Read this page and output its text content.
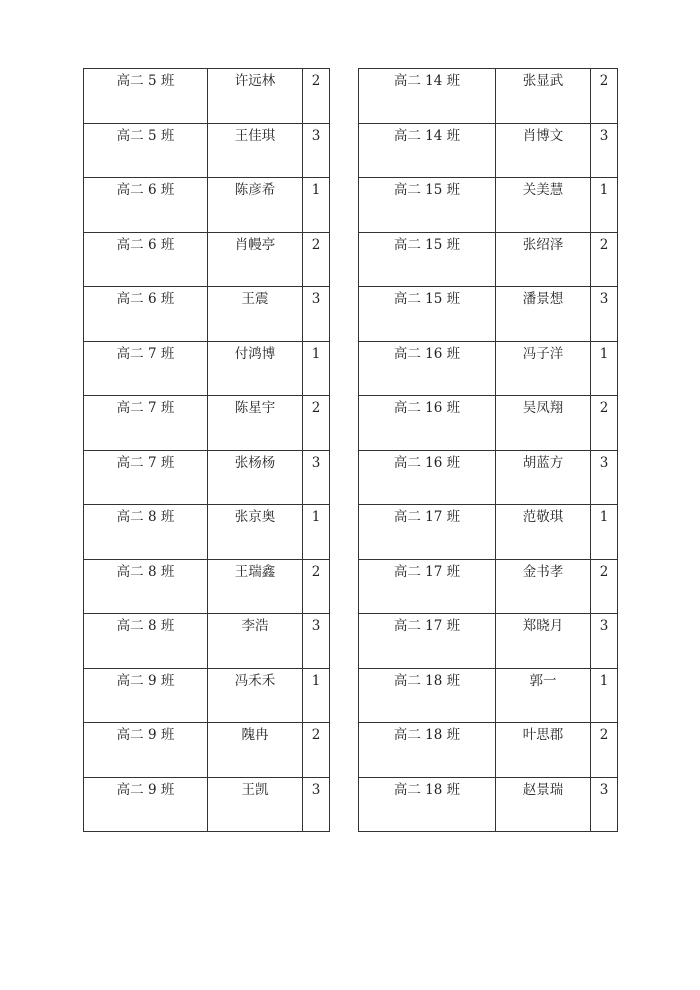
高二 5 班	许远林	2
高二 5 班	王佳琪	3
高二 6 班	陈彦希	1
高二 6 班	肖幔亭	2
高二 6 班	王震	3
高二 7 班	付鸿博	1
高二 7 班	陈星宇	2
高二 7 班	张杨杨	3
高二 8 班	张京奥	1
高二 8 班	王瑞鑫	2
高二 8 班	李浩	3
高二 9 班	冯禾禾	1
高二 9 班	隗冉	2
高二 9 班	王凯	3
高二 14 班	张显武	2
高二 14 班	肖博文	3
高二 15 班	关美慧	1
高二 15 班	张绍泽	2
高二 15 班	潘景想	3
高二 16 班	冯子洋	1
高二 16 班	吴凤翔	2
高二 16 班	胡蓝方	3
高二 17 班	范敬琪	1
高二 17 班	金书孝	2
高二 17 班	郑晓月	3
高二 18 班	郭一	1
高二 18 班	叶思郡	2
高二 18 班	赵景瑞	3
